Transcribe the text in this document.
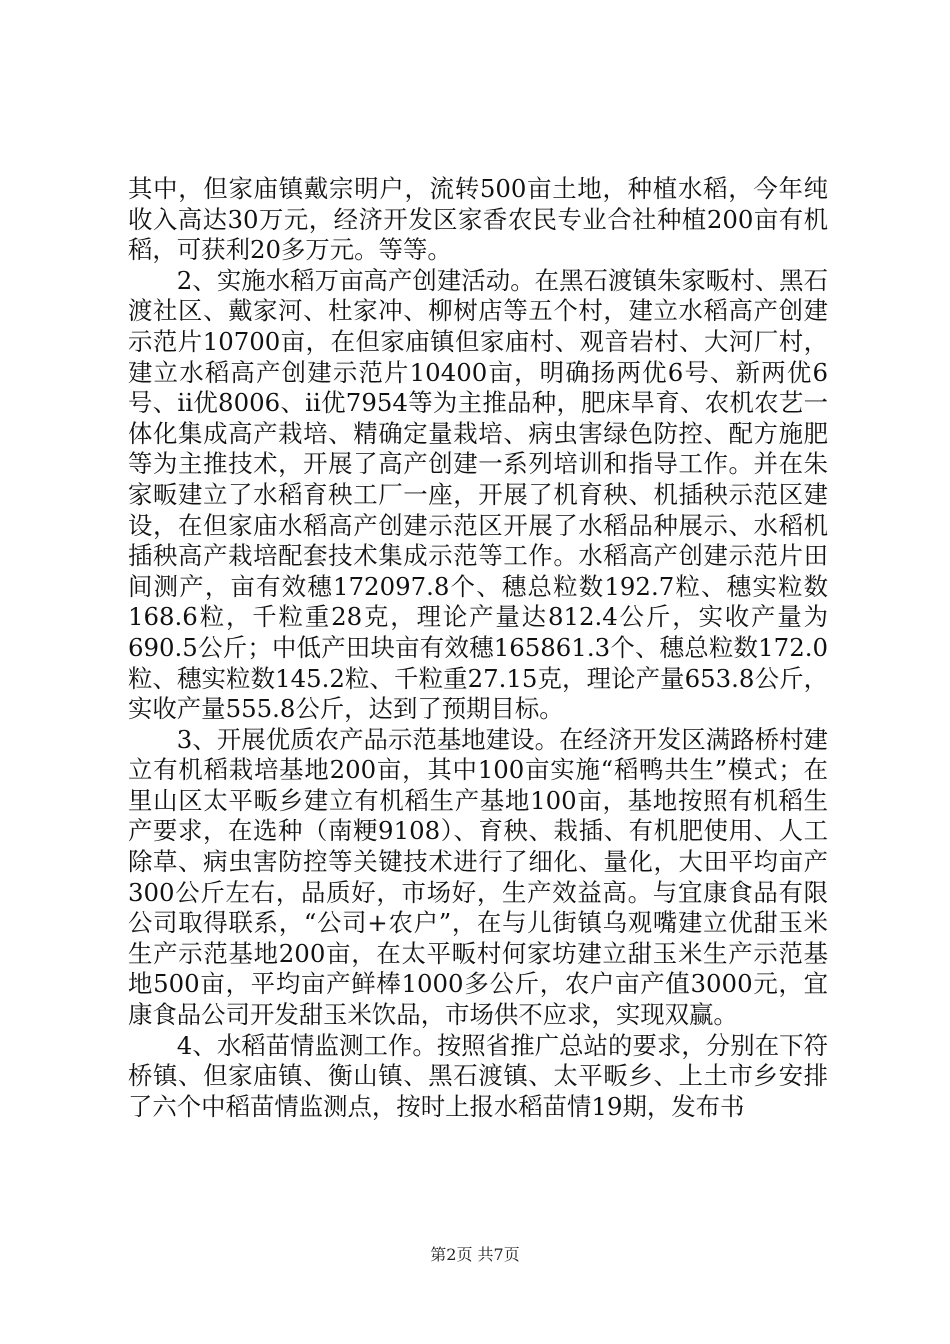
其中，但家庙镇戴宗明户，流转500亩土地，种植水稻，今年纯收入高达30万元，经济开发区家香农民专业合社种植200亩有机稻，可获利20多万元。等等。

2、实施水稻万亩高产创建活动。在黑石渡镇朱家畈村、黑石渡社区、戴家河、杜家冲、柳树店等五个村，建立水稻高产创建示范片10700亩，在但家庙镇但家庙村、观音岩村、大河厂村，建立水稻高产创建示范片10400亩，明确扬两优6号、新两优6号、ii优8006、ii优7954等为主推品种，肥床旱育、农机农艺一体化集成高产栽培、精确定量栽培、病虫害绿色防控、配方施肥等为主推技术，开展了高产创建一系列培训和指导工作。并在朱家畈建立了水稻育秧工厂一座，开展了机育秧、机插秧示范区建设，在但家庙水稻高产创建示范区开展了水稻品种展示、水稻机插秧高产栽培配套技术集成示范等工作。水稻高产创建示范片田间测产，亩有效穗172097.8个、穗总粒数192.7粒、穗实粒数168.6粒，千粒重28克，理论产量达812.4公斤，实收产量为690.5公斤；中低产田块亩有效穗165861.3个、穗总粒数172.0粒、穗实粒数145.2粒、千粒重27.15克，理论产量653.8公斤，实收产量555.8公斤，达到了预期目标。

3、开展优质农产品示范基地建设。在经济开发区满路桥村建立有机稻栽培基地200亩，其中100亩实施“稻鸭共生”模式；在里山区太平畈乡建立有机稻生产基地100亩，基地按照有机稻生产要求，在选种（南粳9108）、育秧、栽插、有机肥使用、人工除草、病虫害防控等关键技术进行了细化、量化，大田平均亩产300公斤左右，品质好，市场好，生产效益高。与宜康食品有限公司取得联系，“公司+农户”，在与儿街镇乌观嘴建立优甜玉米生产示范基地200亩，在太平畈村何家坊建立甜玉米生产示范基地500亩，平均亩产鲜棒1000多公斤，农户亩产值3000元，宜康食品公司开发甜玉米饮品，市场供不应求，实现双赢。

4、水稻苗情监测工作。按照省推广总站的要求，分别在下符桥镇、但家庙镇、衡山镇、黑石渡镇、太平畈乡、上土市乡安排了六个中稻苗情监测点，按时上报水稻苗情19期，发布书

第2页 共7页
